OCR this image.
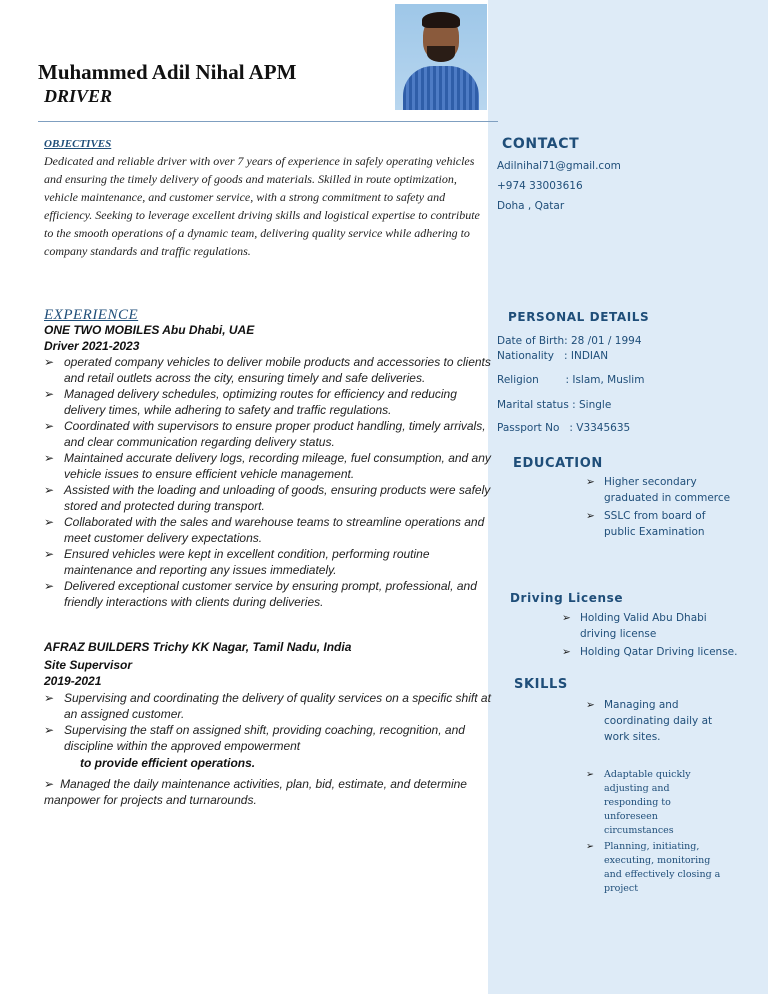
Muhammed Adil Nihal APM
DRIVER
OBJECTIVES

Dedicated and reliable driver with over 7 years of experience in safely operating vehicles and ensuring the timely delivery of goods and materials. Skilled in route optimization, vehicle maintenance, and customer service, with a strong commitment to safety and efficiency. Seeking to leverage excellent driving skills and logistical expertise to contribute to the smooth operations of a dynamic team, delivering quality service while adhering to company standards and traffic regulations.

EXPERIENCE
ONE TWO MOBILES Abu Dhabi, UAE
Driver 2021-2023
➢ operated company vehicles to deliver mobile products and accessories to clients and retail outlets across the city, ensuring timely and safe deliveries.
➢ Managed delivery schedules, optimizing routes for efficiency and reducing delivery times, while adhering to safety and traffic regulations.
➢ Coordinated with supervisors to ensure proper product handling, timely arrivals, and clear communication regarding delivery status.
➢ Maintained accurate delivery logs, recording mileage, fuel consumption, and any vehicle issues to ensure efficient vehicle management.
➢ Assisted with the loading and unloading of goods, ensuring products were safely stored and protected during transport.
➢ Collaborated with the sales and warehouse teams to streamline operations and meet customer delivery expectations.
➢ Ensured vehicles were kept in excellent condition, performing routine maintenance and reporting any issues immediately.
➢ Delivered exceptional customer service by ensuring prompt, professional, and friendly interactions with clients during deliveries.
AFRAZ BUILDERS Trichy KK Nagar, Tamil Nadu, India
Site Supervisor
2019-2021
➢ Supervising and coordinating the delivery of quality services on a specific shift at an assigned customer.
➢ Supervising the staff on assigned shift, providing coaching, recognition, and discipline within the approved empowerment
to provide efficient operations.
➢ Managed the daily maintenance activities, plan, bid, estimate, and determine manpower for projects and turnarounds.
CONTACT
Adilnihal71@gmail.com
+974 33003616
Doha , Qatar
PERSONAL DETAILS
Date of Birth: 28 /01 / 1994
Nationality   : INDIAN
Religion        : Islam, Muslim
Marital status : Single
Passport No   : V3345635
EDUCATION
➢ Higher secondary graduated in commerce
➢ SSLC from board of public Examination
Driving License
➢ Holding Valid Abu Dhabi driving license
➢ Holding Qatar Driving license.
SKILLS
➢ Managing and coordinating daily at work sites.
➢ Adaptable quickly adjusting and responding to unforeseen circumstances
➢ Planning, initiating, executing, monitoring and effectively closing a project
